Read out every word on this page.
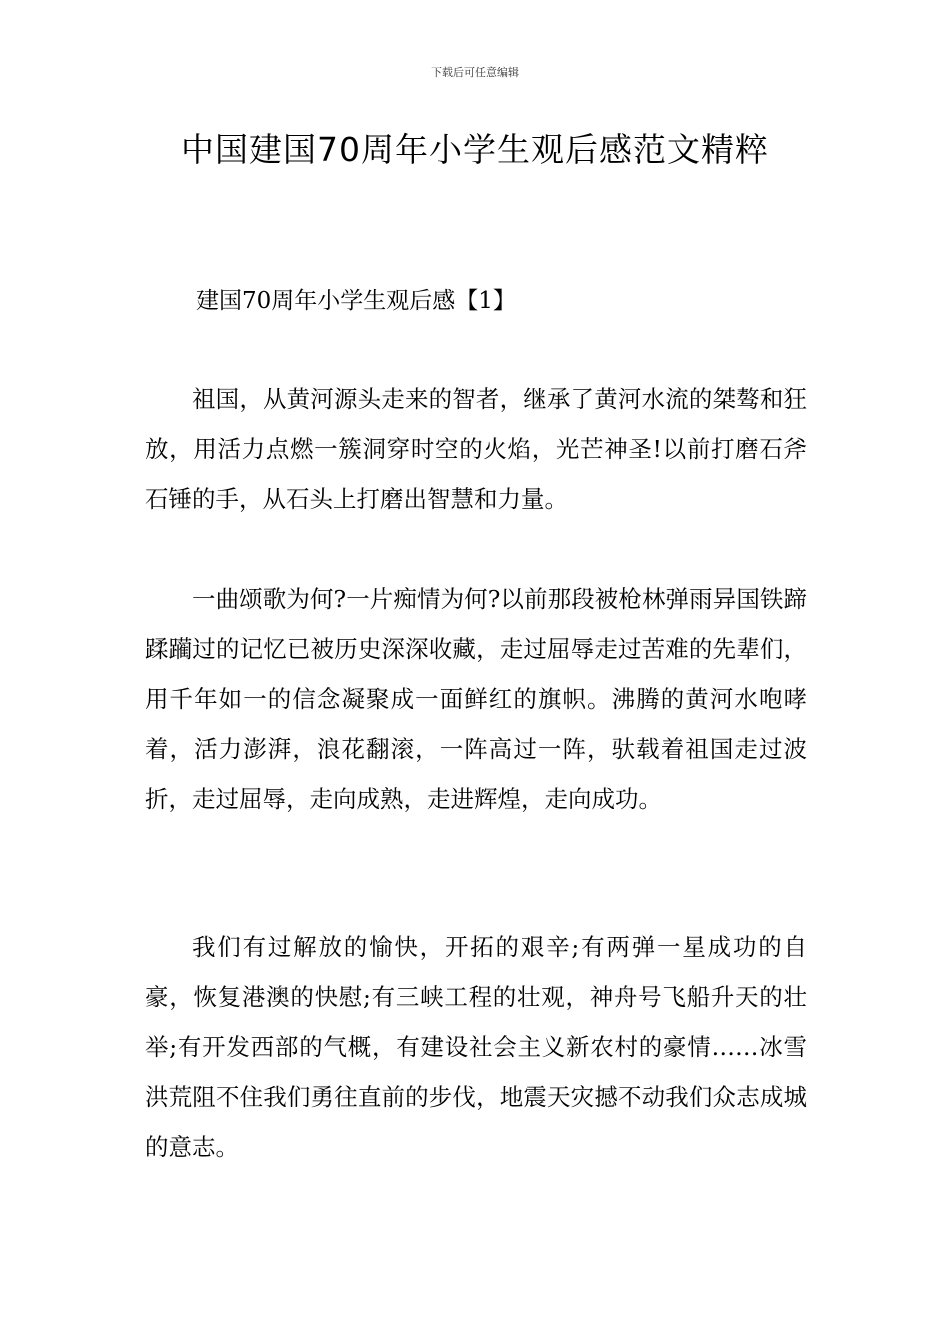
下载后可任意编辑
中国建国70周年小学生观后感范文精粹
建国70周年小学生观后感【1】

祖国，从黄河源头走来的智者，继承了黄河水流的桀骜和狂放，用活力点燃一簇洞穿时空的火焰，光芒神圣!以前打磨石斧石锤的手，从石头上打磨出智慧和力量。

一曲颂歌为何?一片痴情为何?以前那段被枪林弹雨异国铁蹄蹂躏过的记忆已被历史深深收藏，走过屈辱走过苦难的先辈们，用千年如一的信念凝聚成一面鲜红的旗帜。沸腾的黄河水咆哮着，活力澎湃，浪花翻滚，一阵高过一阵，驮载着祖国走过波折，走过屈辱，走向成熟，走进辉煌，走向成功。

我们有过解放的愉快，开拓的艰辛;有两弹一星成功的自豪，恢复港澳的快慰;有三峡工程的壮观，神舟号飞船升天的壮举;有开发西部的气概，有建设社会主义新农村的豪情……冰雪洪荒阻不住我们勇往直前的步伐，地震天灾撼不动我们众志成城的意志。
